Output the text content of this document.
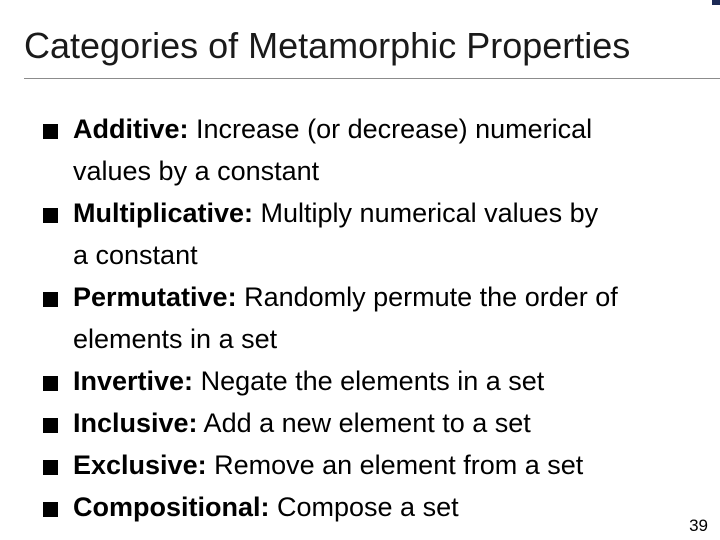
Categories of Metamorphic Properties
Additive: Increase (or decrease) numerical
values by a constant
Multiplicative: Multiply numerical values by
a constant
Permutative: Randomly permute the order of
elements in a set
Invertive: Negate the elements in a set
Inclusive: Add a new element to a set
Exclusive: Remove an element from a set
Compositional: Compose a set
39
